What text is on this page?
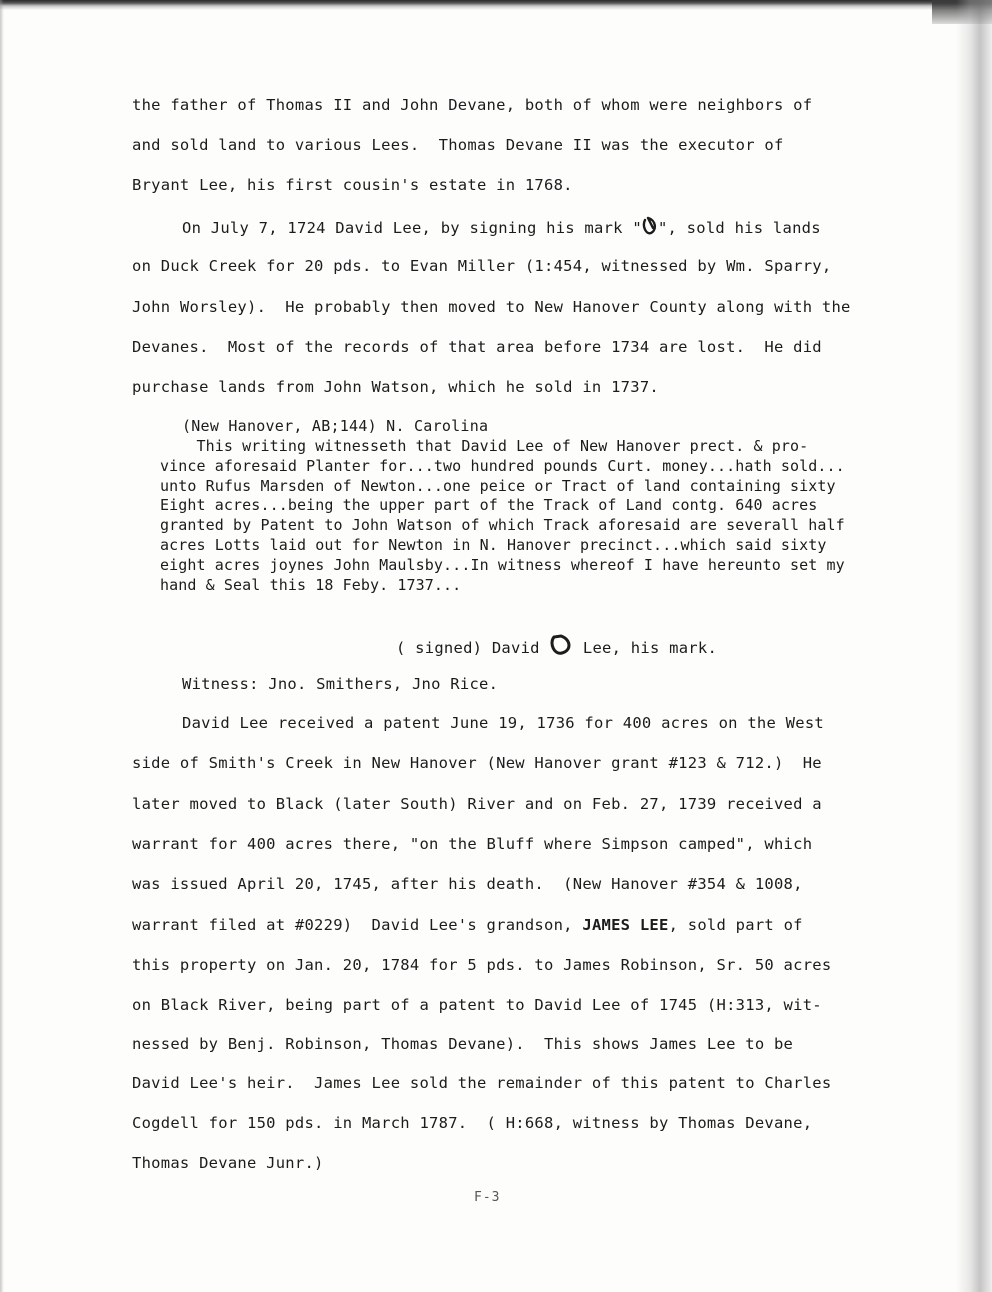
the father of Thomas II and John Devane, both of whom were neighbors of
and sold land to various Lees.  Thomas Devane II was the executor of
Bryant Lee, his first cousin's estate in 1768.
On July 7, 1724 David Lee, by signing his mark " ", sold his lands
on Duck Creek for 20 pds. to Evan Miller (1:454, witnessed by Wm. Sparry,
John Worsley).  He probably then moved to New Hanover County along with the
Devanes.  Most of the records of that area before 1734 are lost.  He did
purchase lands from John Watson, which he sold in 1737.
(New Hanover, AB;144) N. Carolina
This writing witnesseth that David Lee of New Hanover prect. & pro-
vince aforesaid Planter for...two hundred pounds Curt. money...hath sold...
unto Rufus Marsden of Newton...one peice or Tract of land containing sixty
Eight acres...being the upper part of the Track of Land contg. 640 acres
granted by Patent to John Watson of which Track aforesaid are severall half
acres Lotts laid out for Newton in N. Hanover precinct...which said sixty
eight acres joynes John Maulsby...In witness whereof I have hereunto set my
hand & Seal this 18 Feby. 1737...
( signed) David  Lee, his mark.
Witness: Jno. Smithers, Jno Rice.
David Lee received a patent June 19, 1736 for 400 acres on the West
side of Smith's Creek in New Hanover (New Hanover grant #123 & 712.)  He
later moved to Black (later South) River and on Feb. 27, 1739 received a
warrant for 400 acres there, "on the Bluff where Simpson camped", which
was issued April 20, 1745, after his death.  (New Hanover #354 & 1008,
warrant filed at #0229)  David Lee's grandson, JAMES LEE, sold part of
this property on Jan. 20, 1784 for 5 pds. to James Robinson, Sr. 50 acres
on Black River, being part of a patent to David Lee of 1745 (H:313, wit-
nessed by Benj. Robinson, Thomas Devane).  This shows James Lee to be
David Lee's heir.  James Lee sold the remainder of this patent to Charles
Cogdell for 150 pds. in March 1787.  ( H:668, witness by Thomas Devane,
Thomas Devane Junr.)
F-3
